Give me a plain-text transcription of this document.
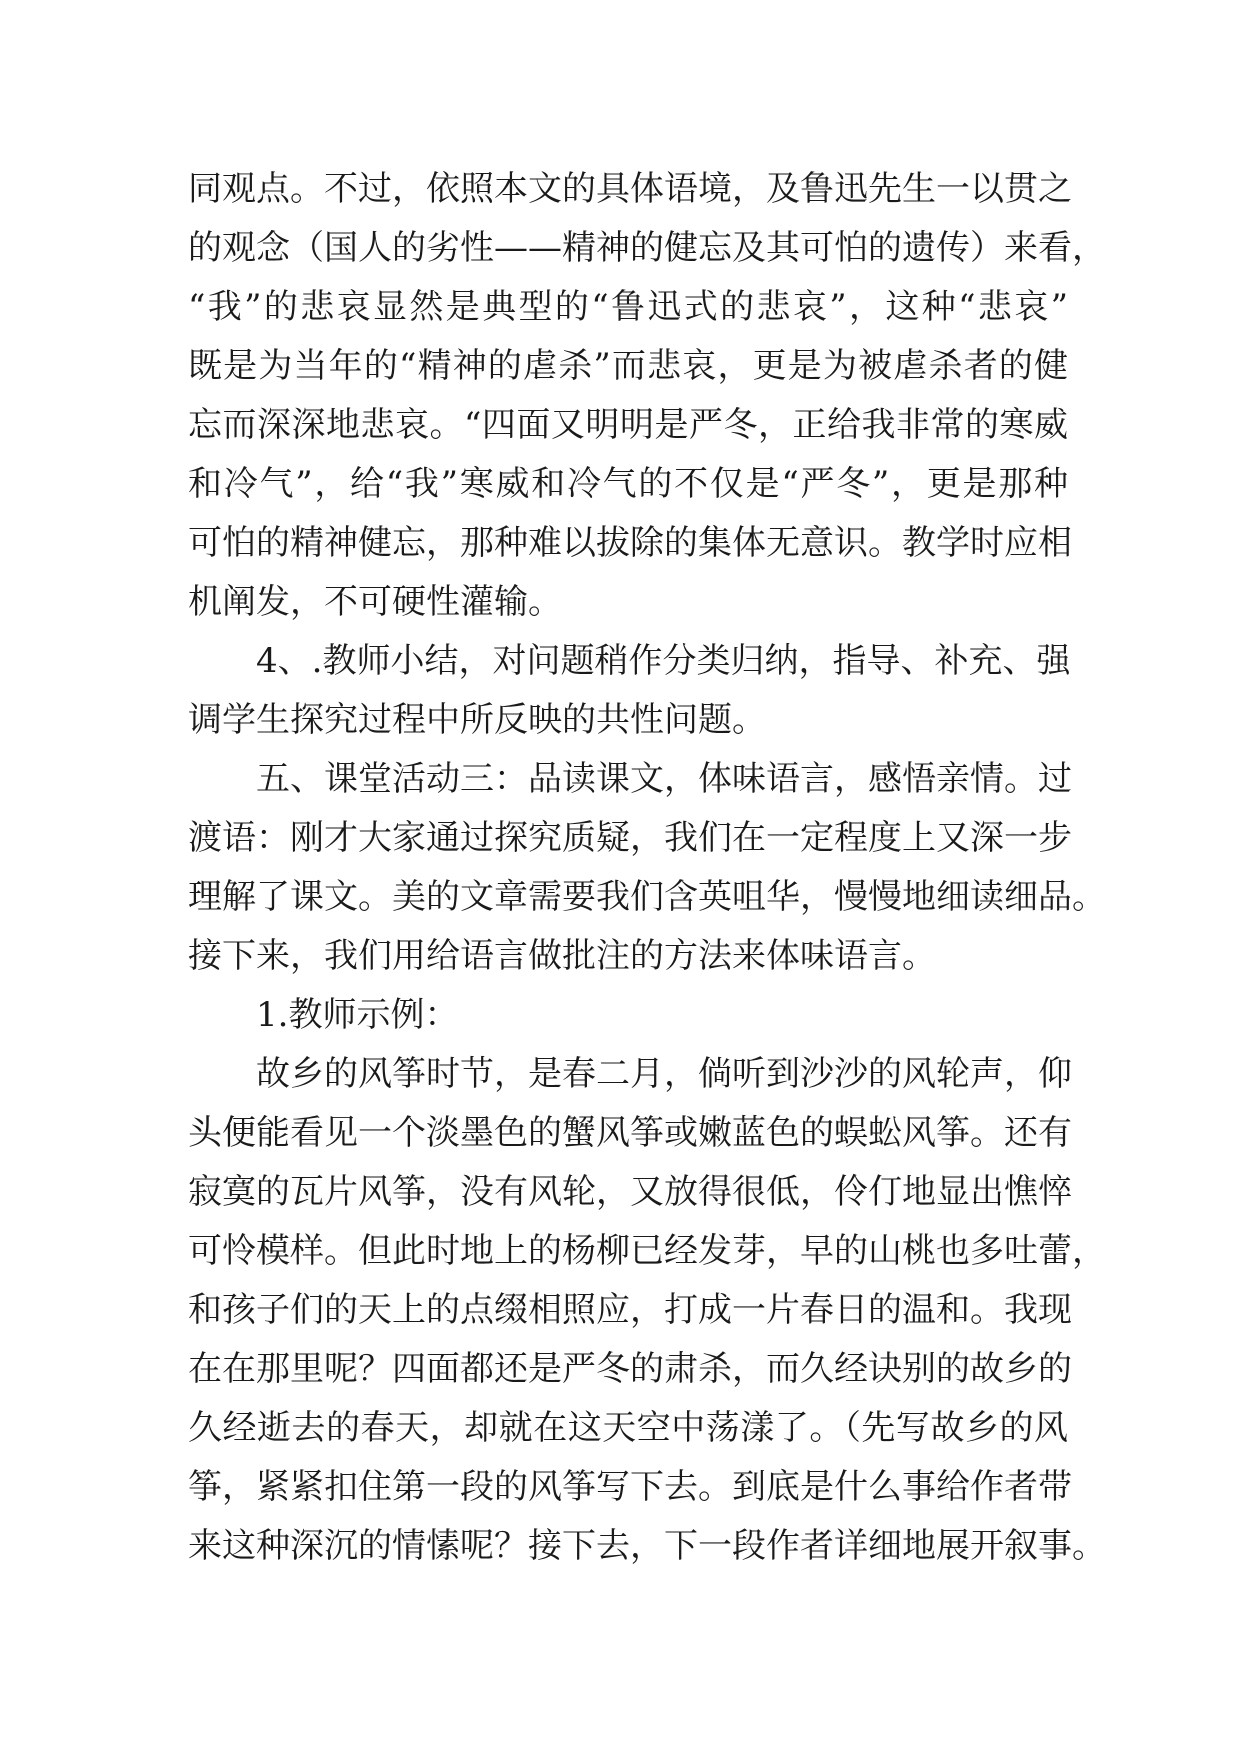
同观点。不过，依照本文的具体语境，及鲁迅先生一以贯之
的观念（国人的劣性——精神的健忘及其可怕的遗传）来看，
“我”的悲哀显然是典型的“鲁迅式的悲哀”，这种“悲哀”
既是为当年的“精神的虐杀”而悲哀，更是为被虐杀者的健
忘而深深地悲哀。“四面又明明是严冬，正给我非常的寒威
和冷气”，给“我”寒威和冷气的不仅是“严冬”，更是那种
可怕的精神健忘，那种难以拔除的集体无意识。教学时应相
机阐发，不可硬性灌输。
4、.教师小结，对问题稍作分类归纳，指导、补充、强
调学生探究过程中所反映的共性问题。
五、课堂活动三：品读课文，体味语言，感悟亲情。过
渡语：刚才大家通过探究质疑，我们在一定程度上又深一步
理解了课文。美的文章需要我们含英咀华，慢慢地细读细品。
接下来，我们用给语言做批注的方法来体味语言。
1.教师示例：
故乡的风筝时节，是春二月，倘听到沙沙的风轮声，仰
头便能看见一个淡墨色的蟹风筝或嫩蓝色的蜈蚣风筝。还有
寂寞的瓦片风筝，没有风轮，又放得很低，伶仃地显出憔悴
可怜模样。但此时地上的杨柳已经发芽，早的山桃也多吐蕾，
和孩子们的天上的点缀相照应，打成一片春日的温和。我现
在在那里呢？四面都还是严冬的肃杀，而久经诀别的故乡的
久经逝去的春天，却就在这天空中荡漾了。（先写故乡的风
筝，紧紧扣住第一段的风筝写下去。到底是什么事给作者带
来这种深沉的情愫呢？接下去，下一段作者详细地展开叙事。
